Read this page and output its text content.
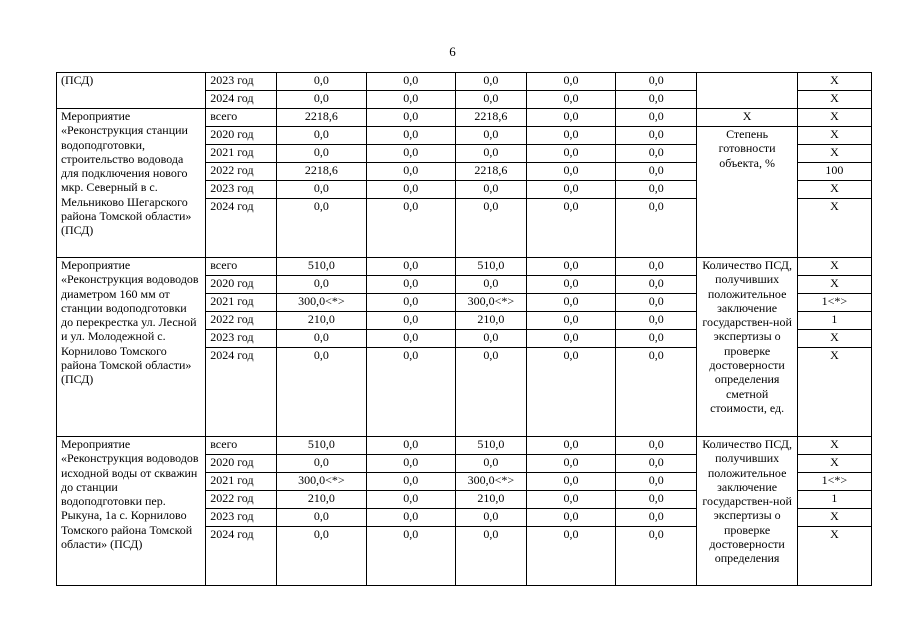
6
(ПСД)	2023 год	0,0	0,0	0,0	0,0	0,0		Х
	2024 год	0,0	0,0	0,0	0,0	0,0		Х
Мероприятие «Реконструкция станции водоподготовки, строительство водовода для подключения нового мкр. Северный в с. Мельниково Шегарского района Томской области» (ПСД)	всего	2218,6	0,0	2218,6	0,0	0,0	Х	Х
	2020 год	0,0	0,0	0,0	0,0	0,0	Степень готовности объекта, %	Х
	2021 год	0,0	0,0	0,0	0,0	0,0		Х
	2022 год	2218,6	0,0	2218,6	0,0	0,0		100
	2023 год	0,0	0,0	0,0	0,0	0,0		Х
	2024 год	0,0	0,0	0,0	0,0	0,0		Х
Мероприятие «Реконструкция водоводов диаметром 160 мм от станции водоподготовки до перекрестка ул. Лесной и ул. Молодежной с. Корнилово Томского района Томской области» (ПСД)	всего	510,0	0,0	510,0	0,0	0,0	Количество ПСД, получивших положительное заключение государствен-ной экспертизы о проверке достоверности определения сметной стоимости, ед.	Х
	2020 год	0,0	0,0	0,0	0,0	0,0		Х
	2021 год	300,0<*>	0,0	300,0<*>	0,0	0,0		1<*>
	2022 год	210,0	0,0	210,0	0,0	0,0		1
	2023 год	0,0	0,0	0,0	0,0	0,0		Х
	2024 год	0,0	0,0	0,0	0,0	0,0		Х
Мероприятие «Реконструкция водоводов исходной воды от скважин до станции водоподготовки пер. Рыкуна, 1а с. Корнилово Томского района Томской области» (ПСД)	всего	510,0	0,0	510,0	0,0	0,0	Количество ПСД, получивших положительное заключение государствен-ной экспертизы о проверке достоверности определения	Х
	2020 год	0,0	0,0	0,0	0,0	0,0		Х
	2021 год	300,0<*>	0,0	300,0<*>	0,0	0,0		1<*>
	2022 год	210,0	0,0	210,0	0,0	0,0		1
	2023 год	0,0	0,0	0,0	0,0	0,0		Х
	2024 год	0,0	0,0	0,0	0,0	0,0		Х
